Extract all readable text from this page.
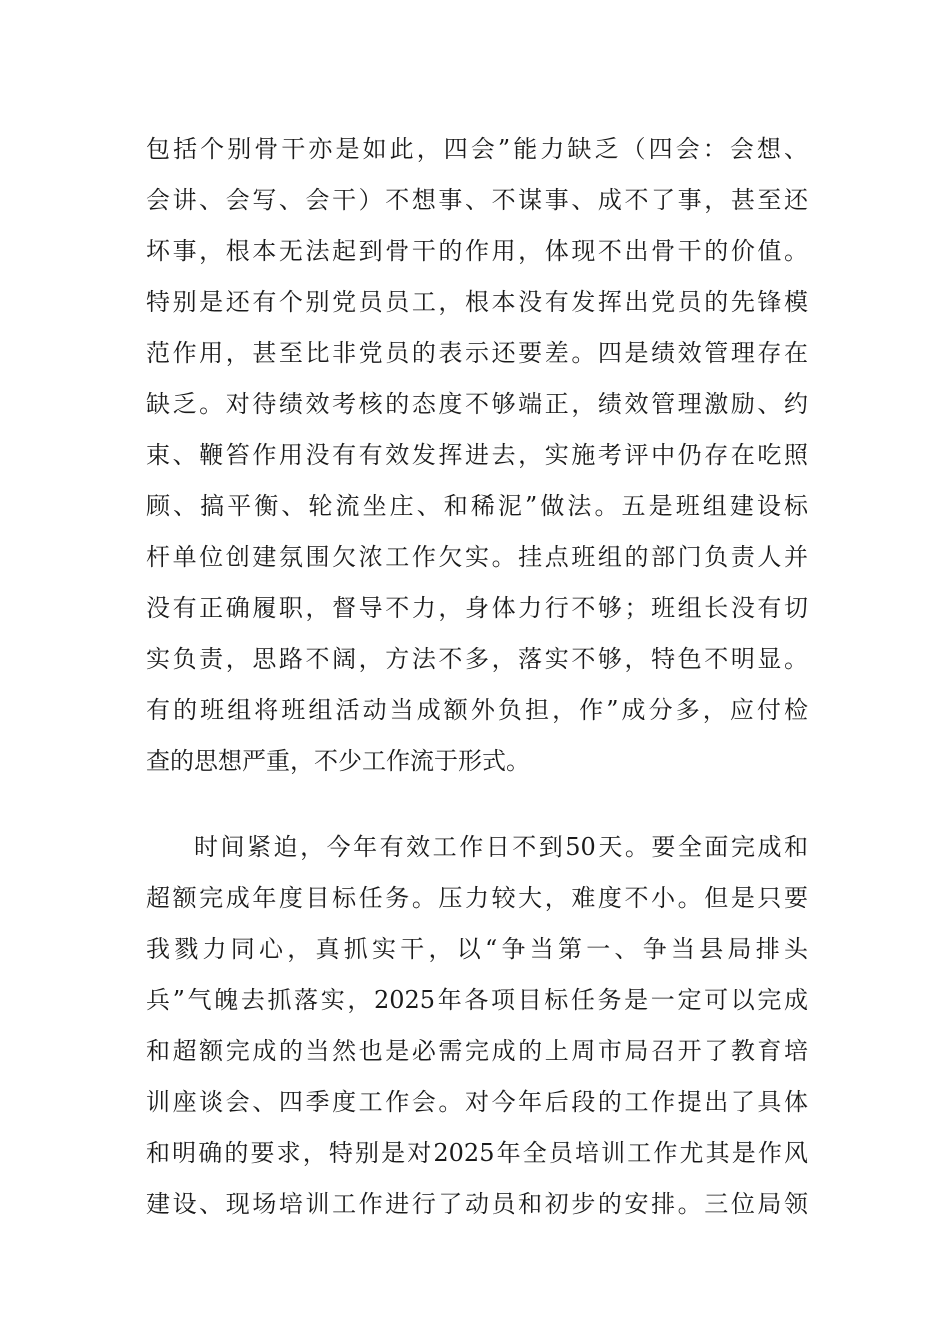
包括个别骨干亦是如此，四会”能力缺乏（四会：会想、
会讲、会写、会干）不想事、不谋事、成不了事，甚至还
坏事，根本无法起到骨干的作用，体现不出骨干的价值。
特别是还有个别党员员工，根本没有发挥出党员的先锋模
范作用，甚至比非党员的表示还要差。四是绩效管理存在
缺乏。对待绩效考核的态度不够端正，绩效管理激励、约
束、鞭笞作用没有有效发挥进去，实施考评中仍存在吃照
顾、搞平衡、轮流坐庄、和稀泥”做法。五是班组建设标
杆单位创建氛围欠浓工作欠实。挂点班组的部门负责人并
没有正确履职，督导不力，身体力行不够；班组长没有切
实负责，思路不阔，方法不多，落实不够，特色不明显。
有的班组将班组活动当成额外负担，作”成分多，应付检
查的思想严重，不少工作流于形式。
时间紧迫，今年有效工作日不到50天。要全面完成和
超额完成年度目标任务。压力较大，难度不小。但是只要
我戮力同心，真抓实干，以“争当第一、争当县局排头
兵”气魄去抓落实，2025年各项目标任务是一定可以完成
和超额完成的当然也是必需完成的上周市局召开了教育培
训座谈会、四季度工作会。对今年后段的工作提出了具体
和明确的要求，特别是对2025年全员培训工作尤其是作风
建设、现场培训工作进行了动员和初步的安排。三位局领
